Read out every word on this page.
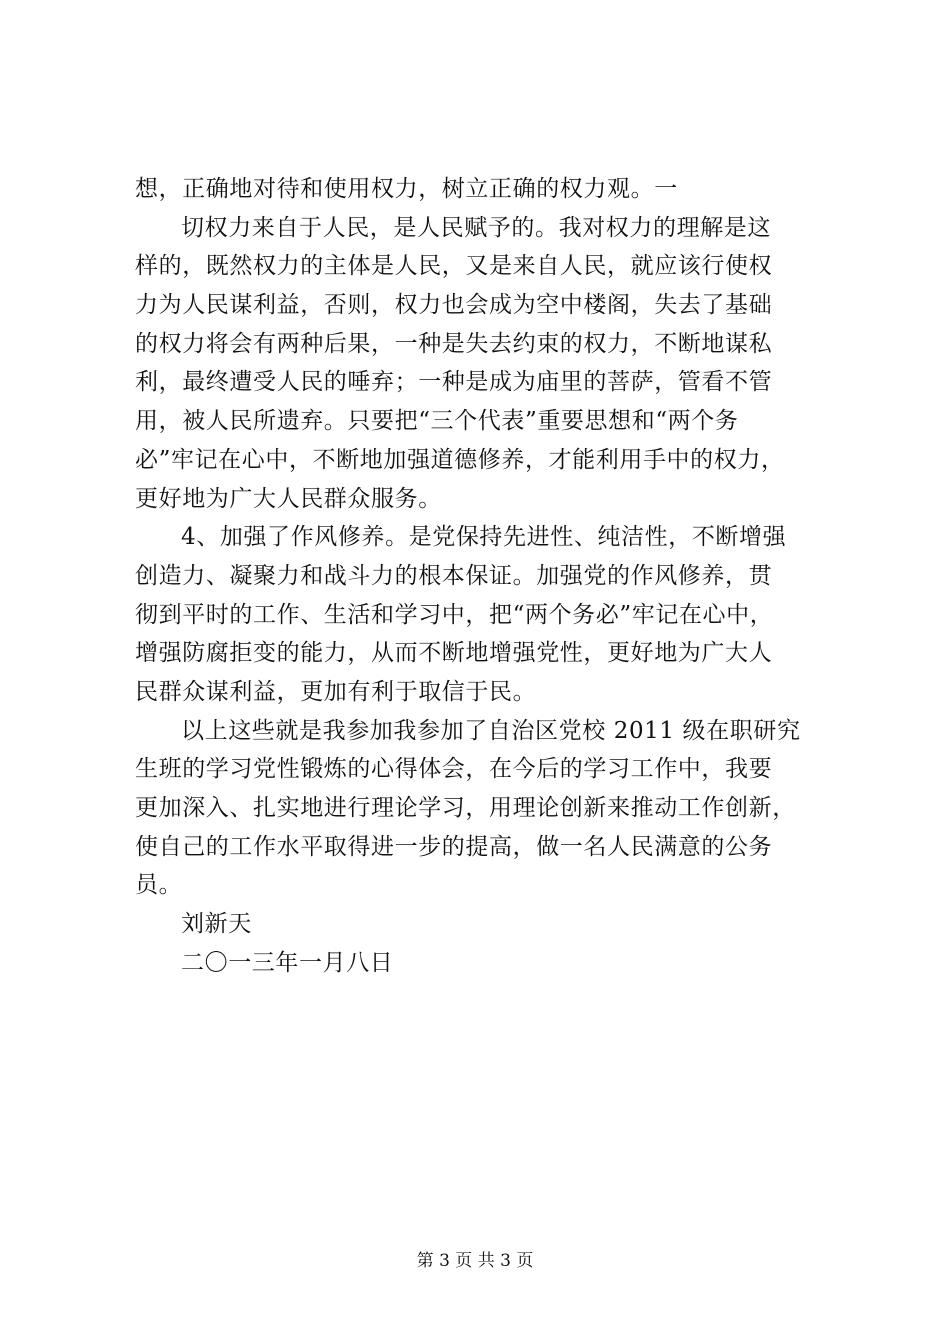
想，正确地对待和使用权力，树立正确的权力观。一
切权力来自于人民，是人民赋予的。我对权力的理解是这
样的，既然权力的主体是人民，又是来自人民，就应该行使权
力为人民谋利益，否则，权力也会成为空中楼阁，失去了基础
的权力将会有两种后果，一种是失去约束的权力，不断地谋私
利，最终遭受人民的唾弃；一种是成为庙里的菩萨，管看不管
用，被人民所遗弃。只要把“三个代表”重要思想和“两个务
必”牢记在心中，不断地加强道德修养，才能利用手中的权力，
更好地为广大人民群众服务。
4、加强了作风修养。是党保持先进性、纯洁性，不断增强
创造力、凝聚力和战斗力的根本保证。加强党的作风修养，贯
彻到平时的工作、生活和学习中，把“两个务必”牢记在心中，
增强防腐拒变的能力，从而不断地增强党性，更好地为广大人
民群众谋利益，更加有利于取信于民。
以上这些就是我参加我参加了自治区党校 2011 级在职研究
生班的学习党性锻炼的心得体会，在今后的学习工作中，我要
更加深入、扎实地进行理论学习，用理论创新来推动工作创新，
使自己的工作水平取得进一步的提高，做一名人民满意的公务
员。
刘新天
二〇一三年一月八日
第 3 页 共 3 页
